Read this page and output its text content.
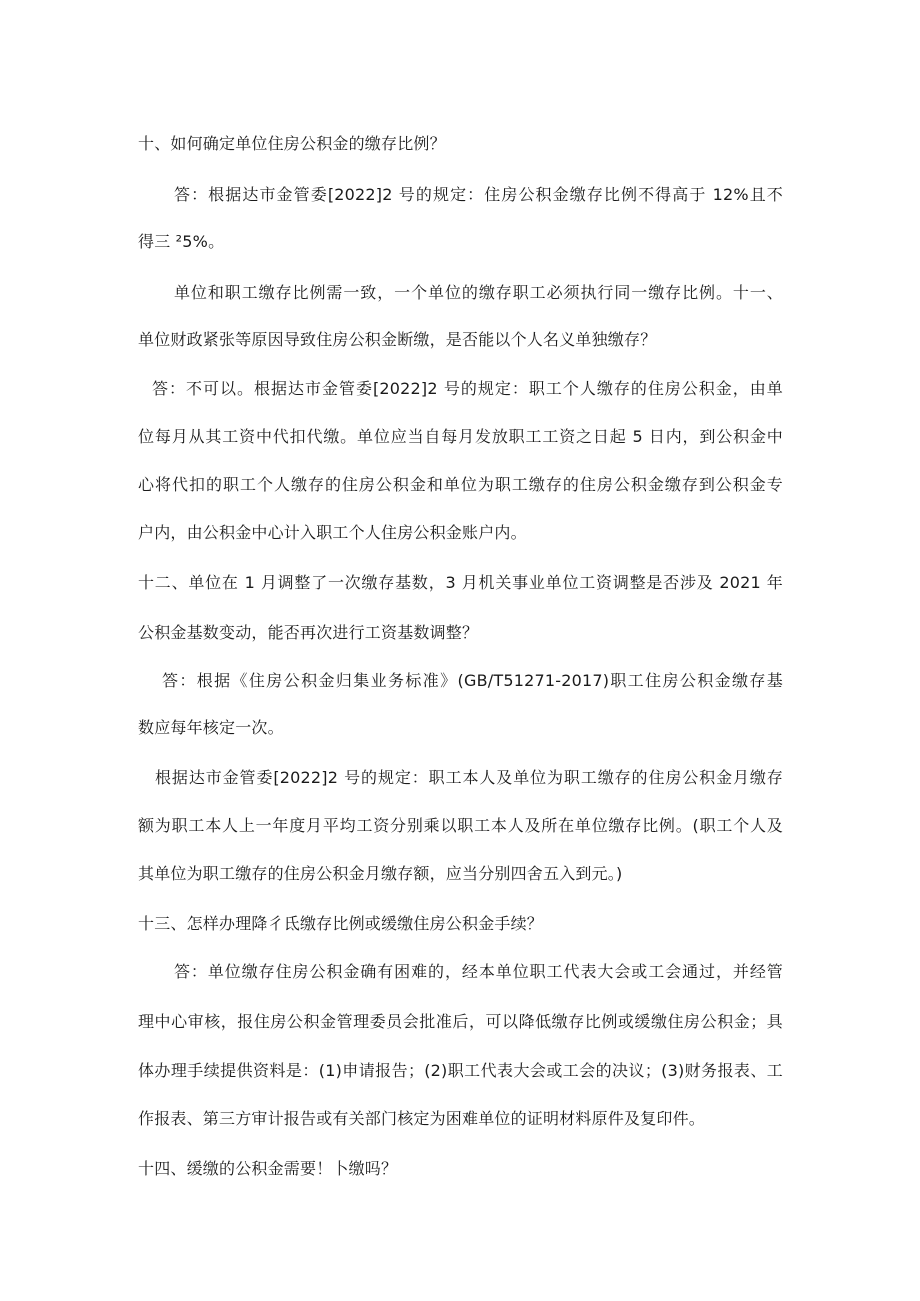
十、如何确定单位住房公积金的缴存比例？
答：根据达市金管委[2022]2 号的规定：住房公积金缴存比例不得高于 12%且不
得三 ²5%。
单位和职工缴存比例需一致，一个单位的缴存职工必须执行同一缴存比例。十一、
单位财政紧张等原因导致住房公积金断缴，是否能以个人名义单独缴存？
答：不可以。根据达市金管委[2022]2 号的规定：职工个人缴存的住房公积金，由单
位每月从其工资中代扣代缴。单位应当自每月发放职工工资之日起 5 日内，到公积金中
心将代扣的职工个人缴存的住房公积金和单位为职工缴存的住房公积金缴存到公积金专
户内，由公积金中心计入职工个人住房公积金账户内。
十二、单位在 1 月调整了一次缴存基数，3 月机关事业单位工资调整是否涉及 2021 年
公积金基数变动，能否再次进行工资基数调整？
答：根据《住房公积金归集业务标准》(GB/T51271-2017)职工住房公积金缴存基
数应每年核定一次。
根据达市金管委[2022]2 号的规定：职工本人及单位为职工缴存的住房公积金月缴存
额为职工本人上一年度月平均工资分别乘以职工本人及所在单位缴存比例。(职工个人及
其单位为职工缴存的住房公积金月缴存额，应当分别四舍五入到元。)
十三、怎样办理降彳氐缴存比例或缓缴住房公积金手续？
答：单位缴存住房公积金确有困难的，经本单位职工代表大会或工会通过，并经管
理中心审核，报住房公积金管理委员会批准后，可以降低缴存比例或缓缴住房公积金；具
体办理手续提供资料是：(1)申请报告；(2)职工代表大会或工会的决议；(3)财务报表、工
作报表、第三方审计报告或有关部门核定为困难单位的证明材料原件及复印件。
十四、缓缴的公积金需要！卜缴吗？
